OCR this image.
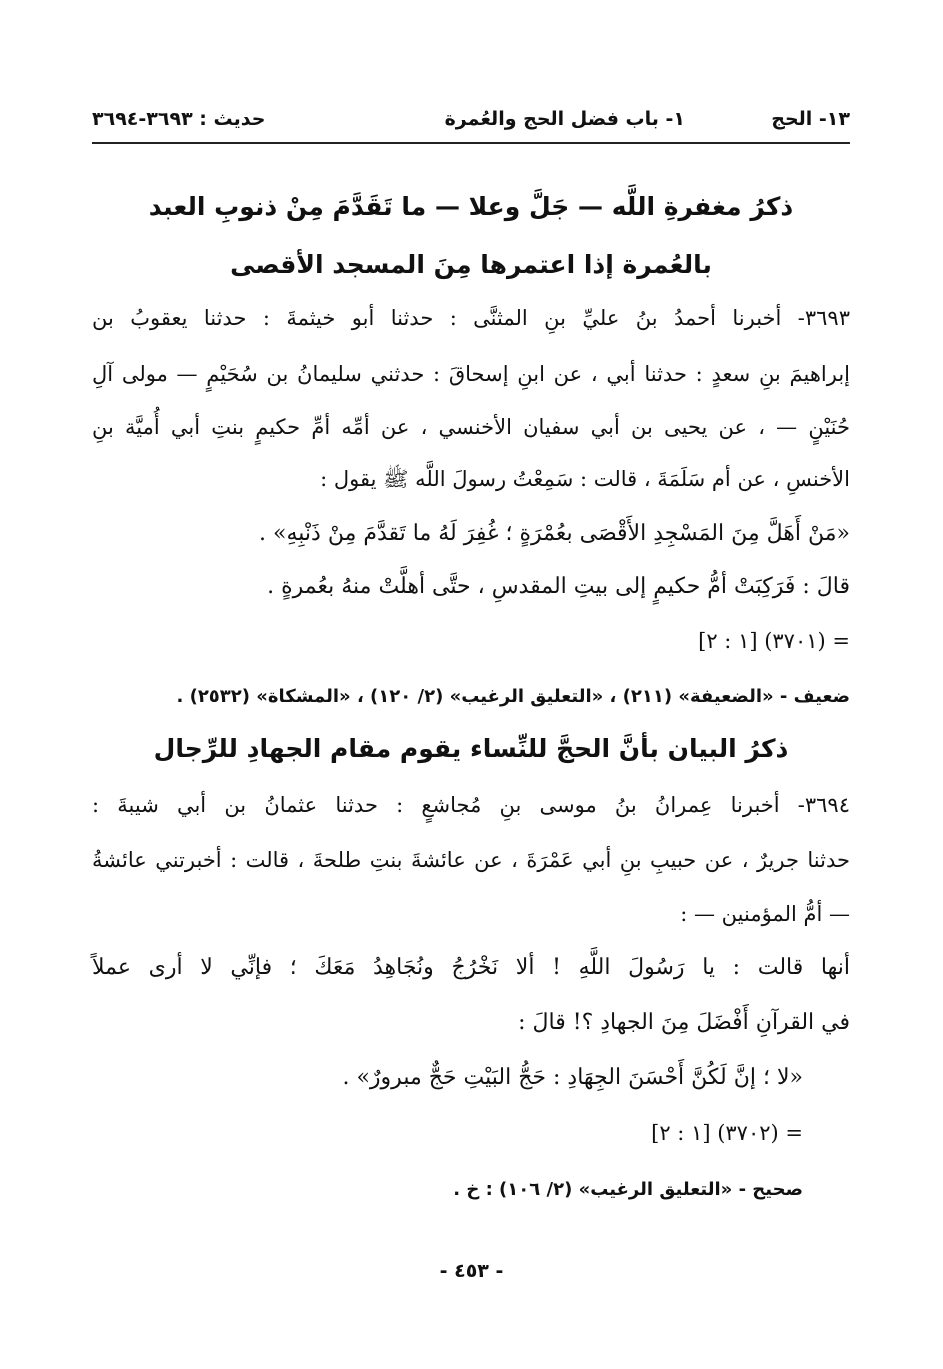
١٣- الحج
١- باب فضل الحج والعُمرة
حديث : ٣٦٩٣-٣٦٩٤
ذكرُ مغفرةِ اللَّه — جَلَّ وعلا — ما تَقَدَّمَ مِنْ ذنوبِ العبد
بالعُمرة إذا اعتمرها مِنَ المسجد الأقصى
٣٦٩٣- أخبرنا أحمدُ بنُ عليِّ بنِ المثنَّى : حدثنا أبو خيثمةَ : حدثنا يعقوبُ بن
إبراهيمَ بنِ سعدٍ : حدثنا أبي ، عن ابنِ إسحاقَ : حدثني سليمانُ بن سُحَيْمٍ — مولى آلِ
حُنَيْنٍ — ، عن يحيى بن أبي سفيان الأخنسي ، عن أمِّه أمِّ حكيمٍ بنتِ أبي أُميَّة بنِ
الأخنسِ ، عن أم سَلَمَةَ ، قالت : سَمِعْتُ رسولَ اللَّه ﷺ يقول :
«مَنْ أَهَلَّ مِنَ المَسْجِدِ الأَقْصَى بعُمْرَةٍ ؛ غُفِرَ لَهُ ما تَقدَّمَ مِنْ ذَنْبِهِ» .
قالَ : فَرَكِبَتْ أمُّ حكيمٍ إلى بيتِ المقدسِ ، حتَّى أهلَّتْ منهُ بعُمرةٍ .
= (٣٧٠١) [١ : ٢]
ضعيف - «الضعيفة» (٢١١) ، «التعليق الرغيب» (٢/ ١٢٠) ، «المشكاة» (٢٥٣٢) .
ذكرُ البيان بأنَّ الحجَّ للنِّساء يقوم مقام الجهادِ للرِّجال
٣٦٩٤- أخبرنا عِمرانُ بنُ موسى بنِ مُجاشعٍ : حدثنا عثمانُ بن أبي شيبةَ :
حدثنا جريرٌ ، عن حبيبِ بنِ أبي عَمْرَةَ ، عن عائشةَ بنتِ طلحةَ ، قالت : أخبرتني عائشةُ
— أمُّ المؤمنين — :
أنها قالت : يا رَسُولَ اللَّهِ ! ألا نَخْرُجُ ونُجَاهِدُ مَعَكَ ؛ فإنِّي لا أرى عملاً
في القرآنِ أَفْضَلَ مِنَ الجهادِ ؟! قالَ :
«لا ؛ إنَّ لَكُنَّ أَحْسَنَ الجِهَادِ : حَجُّ البَيْتِ حَجٌّ مبرورٌ» .
= (٣٧٠٢) [١ : ٢]
صحيح - «التعليق الرغيب» (٢/ ١٠٦) : خ .
- ٤٥٣ -
